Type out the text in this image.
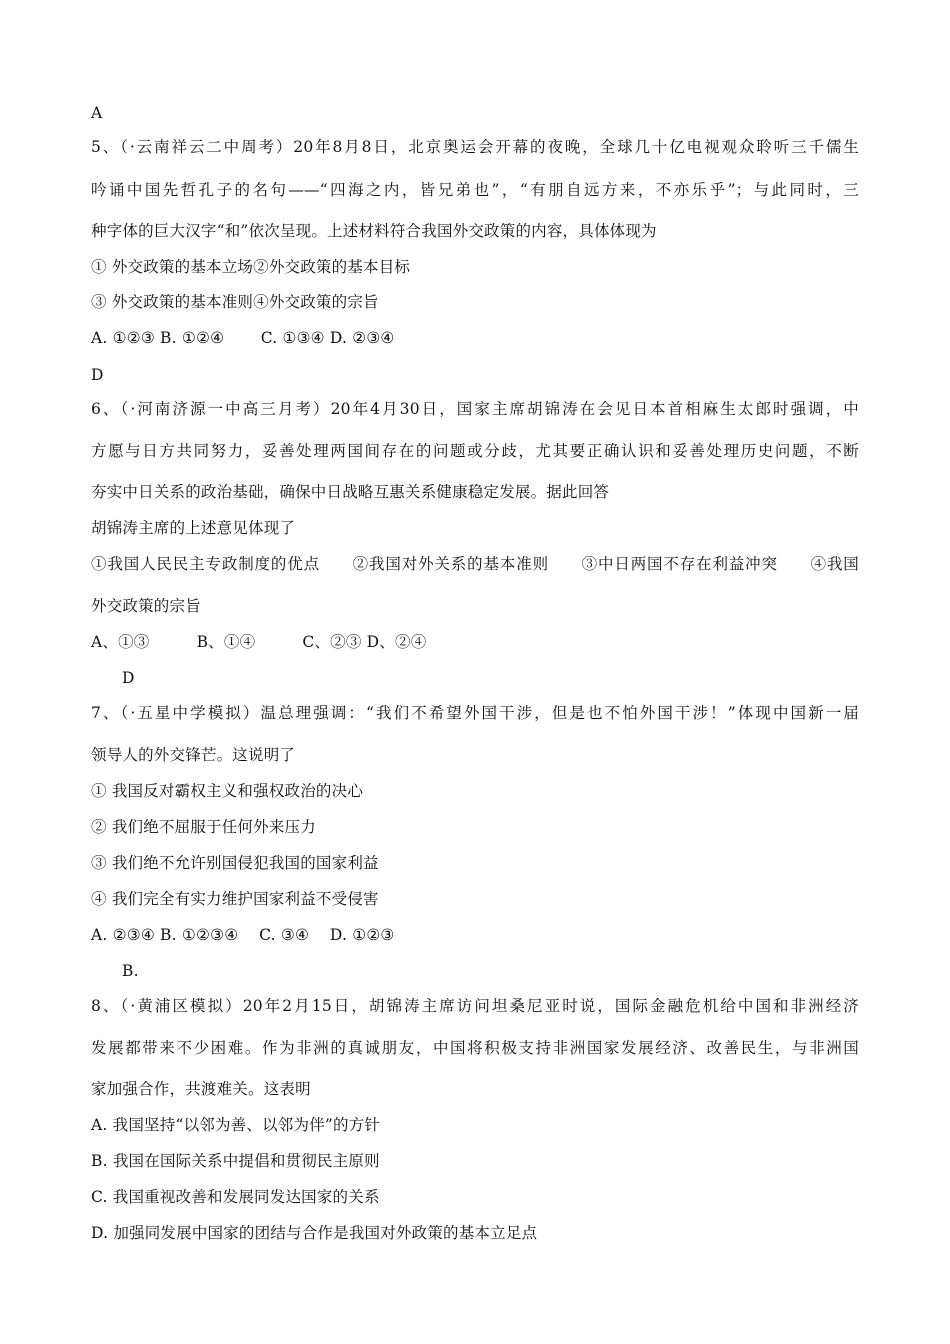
A
5、（·云南祥云二中周考）20年8月8日，北京奥运会开幕的夜晚，全球几十亿电视观众聆听三千儒生
吟诵中国先哲孔子的名句——“四海之内，皆兄弟也”，“有朋自远方来，不亦乐乎”；与此同时，三
种字体的巨大汉字“和”依次呈现。上述材料符合我国外交政策的内容，具体体现为
① 外交政策的基本立场②外交政策的基本目标
③ 外交政策的基本准则④外交政策的宗旨
A. ①②③ B. ①②④　　 C. ①③④ D. ②③④
D
6、（·河南济源一中高三月考）20年4月30日，国家主席胡锦涛在会见日本首相麻生太郎时强调，中
方愿与日方共同努力，妥善处理两国间存在的问题或分歧，尤其要正确认识和妥善处理历史问题，不断
夯实中日关系的政治基础，确保中日战略互惠关系健康稳定发展。据此回答
胡锦涛主席的上述意见体现了
①我国人民民主专政制度的优点　　②我国对外关系的基本准则　　③中日两国不存在利益冲突　　④我国
外交政策的宗旨
A、①③　　　B、①④　　　C、②③ D、②④
D
7、（·五星中学模拟）温总理强调：“我们不希望外国干涉，但是也不怕外国干涉！”体现中国新一届
领导人的外交锋芒。这说明了
① 我国反对霸权主义和强权政治的决心
② 我们绝不屈服于任何外来压力
③ 我们绝不允许别国侵犯我国的国家利益
④ 我们完全有实力维护国家利益不受侵害
A. ②③④ B. ①②③④　 C. ③④　 D. ①②③
B.
8、（·黄浦区模拟）20年2月15日，胡锦涛主席访问坦桑尼亚时说，国际金融危机给中国和非洲经济
发展都带来不少困难。作为非洲的真诚朋友，中国将积极支持非洲国家发展经济、改善民生，与非洲国
家加强合作，共渡难关。这表明
A. 我国坚持“以邻为善、以邻为伴”的方针
B. 我国在国际关系中提倡和贯彻民主原则
C. 我国重视改善和发展同发达国家的关系
D. 加强同发展中国家的团结与合作是我国对外政策的基本立足点
